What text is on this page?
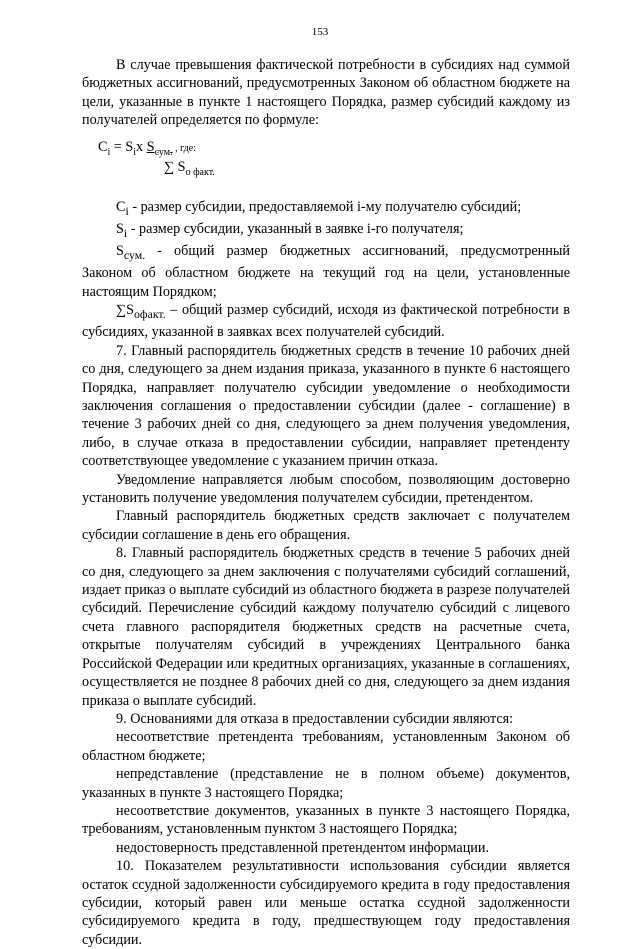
153

В случае превышения фактической потребности в субсидиях над суммой бюджетных ассигнований, предусмотренных Законом об областном бюджете на цели, указанные в пункте 1 настоящего Порядка, размер субсидий каждому из получателей определяется по формуле:

$C_i = S_ix$ $S_{сум.}$ , где:
∑ $S_{о факт.}$

$C_i$ - размер субсидии, предоставляемой i-му получателю субсидий;

$S_i$ - размер субсидии, указанный в заявке i-го получателя;

$S_{сум.}$ - общий размер бюджетных ассигнований, предусмотренный Законом об областном бюджете на текущий год на цели, установленные настоящим Порядком;

$\sum S_{офакт.}$ – общий размер субсидий, исходя из фактической потребности в субсидиях, указанной в заявках всех получателей субсидий.

7. Главный распорядитель бюджетных средств в течение 10 рабочих дней со дня, следующего за днем издания приказа, указанного в пункте 6 настоящего Порядка, направляет получателю субсидии уведомление о необходимости заключения соглашения о предоставлении субсидии (далее - соглашение) в течение 3 рабочих дней со дня, следующего за днем получения уведомления, либо, в случае отказа в предоставлении субсидии, направляет претенденту соответствующее уведомление с указанием причин отказа.

Уведомление направляется любым способом, позволяющим достоверно установить получение уведомления получателем субсидии, претендентом.

Главный распорядитель бюджетных средств заключает с получателем субсидии соглашение в день его обращения.

8. Главный распорядитель бюджетных средств в течение 5 рабочих дней со дня, следующего за днем заключения с получателями субсидий соглашений, издает приказ о выплате субсидий из областного бюджета в разрезе получателей субсидий. Перечисление субсидий каждому получателю субсидий с лицевого счета главного распорядителя бюджетных средств на расчетные счета, открытые получателям субсидий в учреждениях Центрального банка Российской Федерации или кредитных организациях, указанные в соглашениях, осуществляется не позднее 8 рабочих дней со дня, следующего за днем издания приказа о выплате субсидий.

9. Основаниями для отказа в предоставлении субсидии являются:

несоответствие претендента требованиям, установленным Законом об областном бюджете;

непредставление (представление не в полном объеме) документов, указанных в пункте 3 настоящего Порядка;

несоответствие документов, указанных в пункте 3 настоящего Порядка, требованиям, установленным пунктом 3 настоящего Порядка;

недостоверность представленной претендентом информации.

10. Показателем результативности использования субсидии является остаток ссудной задолженности субсидируемого кредита в году предоставления субсидии, который равен или меньше остатка ссудной задолженности субсидируемого кредита в году, предшествующем году предоставления субсидии.
